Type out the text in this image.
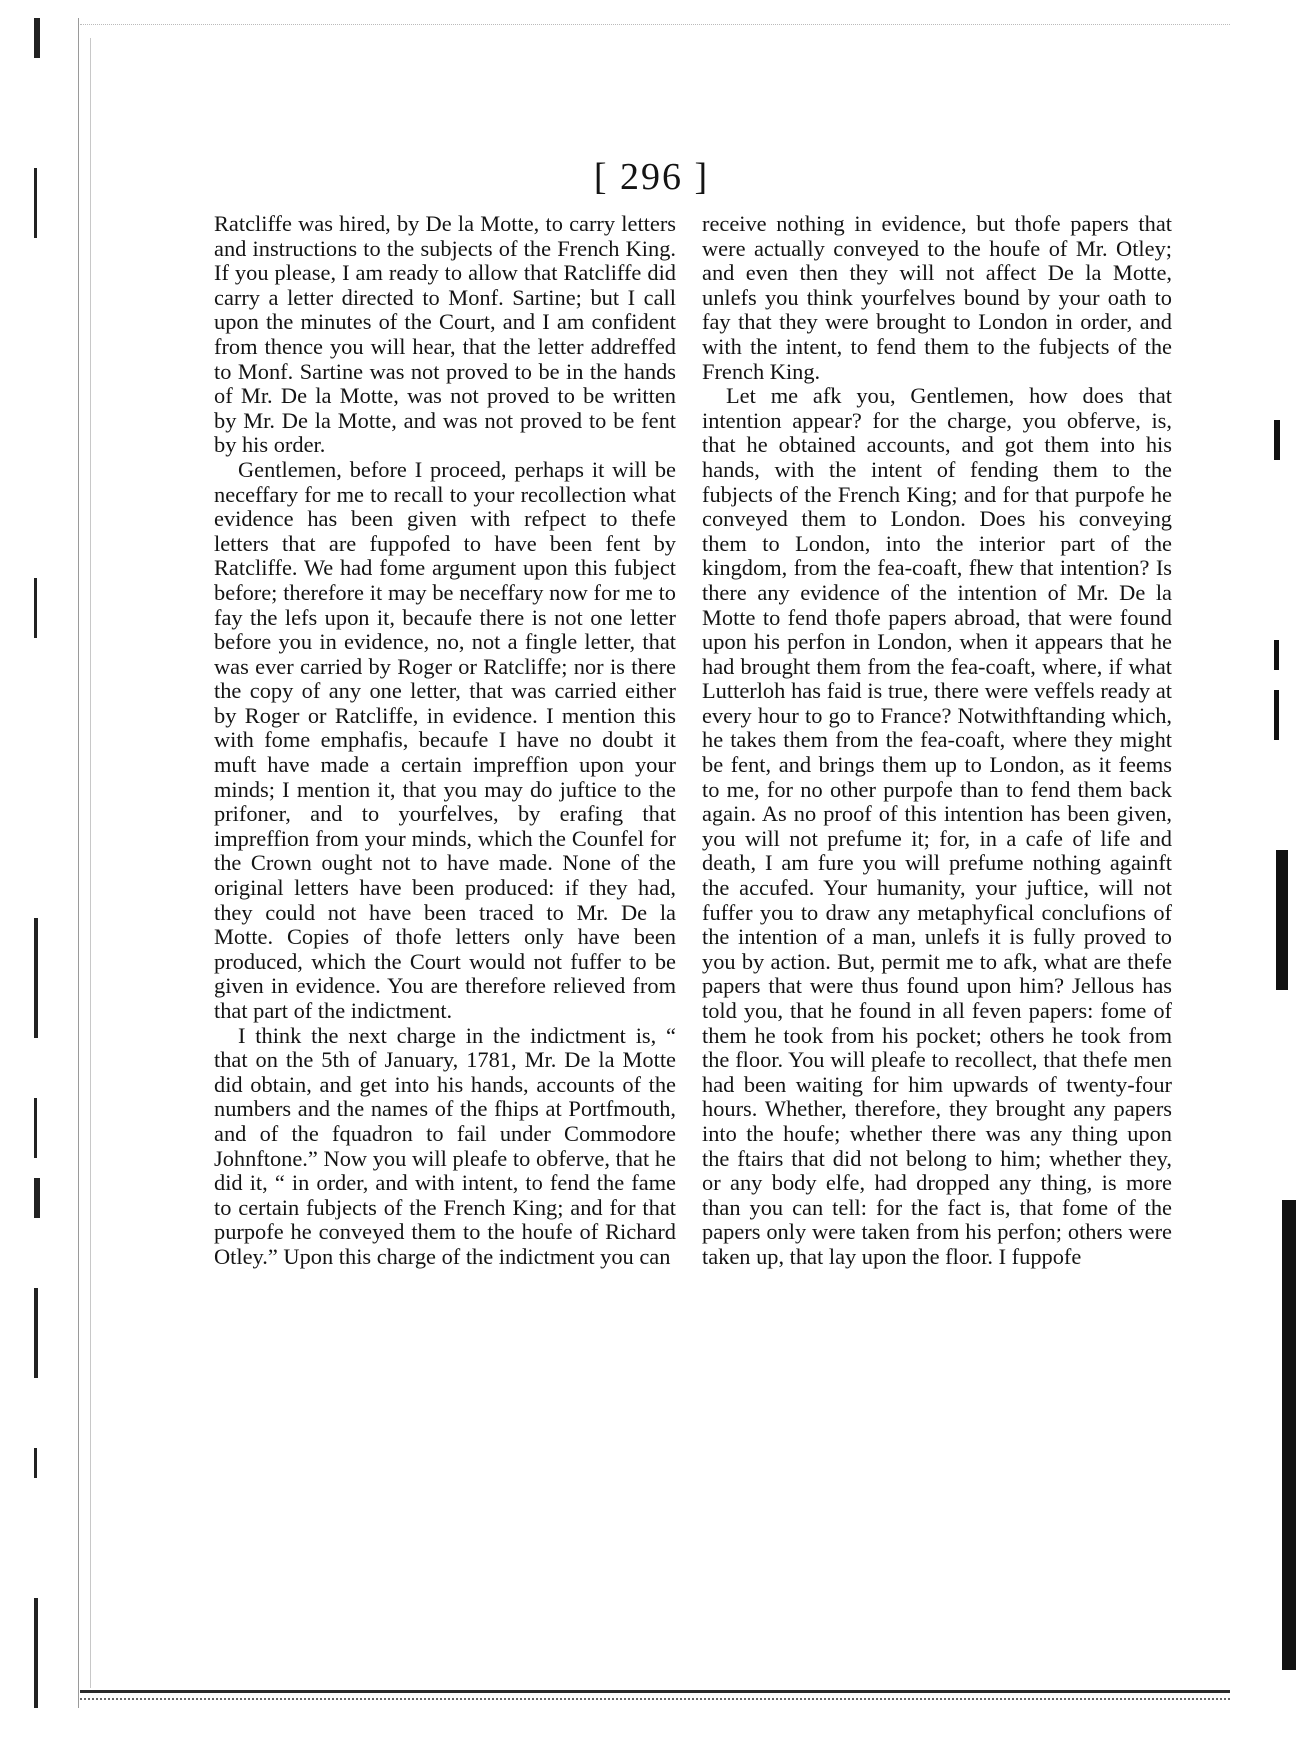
[ 296 ]

Ratcliffe was hired, by De la Motte, to carry letters and instructions to the subjects of the French King. If you please, I am ready to allow that Ratcliffe did carry a letter directed to Monf. Sartine; but I call upon the minutes of the Court, and I am confident from thence you will hear, that the letter addreffed to Monf. Sartine was not proved to be in the hands of Mr. De la Motte, was not proved to be written by Mr. De la Motte, and was not proved to be fent by his order.

Gentlemen, before I proceed, perhaps it will be neceffary for me to recall to your recollection what evidence has been given with refpect to thefe letters that are fuppofed to have been fent by Ratcliffe. We had fome argument upon this fubject before; therefore it may be neceffary now for me to fay the lefs upon it, becaufe there is not one letter before you in evidence, no, not a fingle letter, that was ever carried by Roger or Ratcliffe; nor is there the copy of any one letter, that was carried either by Roger or Ratcliffe, in evidence. I mention this with fome emphafis, becaufe I have no doubt it muft have made a certain impreffion upon your minds; I mention it, that you may do juftice to the prifoner, and to yourfelves, by erafing that impreffion from your minds, which the Counfel for the Crown ought not to have made. None of the original letters have been produced: if they had, they could not have been traced to Mr. De la Motte. Copies of thofe letters only have been produced, which the Court would not fuffer to be given in evidence. You are therefore relieved from that part of the indictment.

I think the next charge in the indictment is, “ that on the 5th of January, 1781, Mr. De la Motte did obtain, and get into his hands, accounts of the numbers and the names of the fhips at Portfmouth, and of the fquadron to fail under Commodore Johnftone.” Now you will pleafe to obferve, that he did it, “ in order, and with intent, to fend the fame to certain fubjects of the French King; and for that purpofe he conveyed them to the houfe of Richard Otley.” Upon this charge of the indictment you can

receive nothing in evidence, but thofe papers that were actually conveyed to the houfe of Mr. Otley; and even then they will not affect De la Motte, unlefs you think yourfelves bound by your oath to fay that they were brought to London in order, and with the intent, to fend them to the fubjects of the French King.

Let me afk you, Gentlemen, how does that intention appear? for the charge, you obferve, is, that he obtained accounts, and got them into his hands, with the intent of fending them to the fubjects of the French King; and for that purpofe he conveyed them to London. Does his conveying them to London, into the interior part of the kingdom, from the fea-coaft, fhew that intention? Is there any evidence of the intention of Mr. De la Motte to fend thofe papers abroad, that were found upon his perfon in London, when it appears that he had brought them from the fea-coaft, where, if what Lutterloh has faid is true, there were veffels ready at every hour to go to France? Notwithftanding which, he takes them from the fea-coaft, where they might be fent, and brings them up to London, as it feems to me, for no other purpofe than to fend them back again. As no proof of this intention has been given, you will not prefume it; for, in a cafe of life and death, I am fure you will prefume nothing againft the accufed. Your humanity, your juftice, will not fuffer you to draw any metaphyfical conclufions of the intention of a man, unlefs it is fully proved to you by action. But, permit me to afk, what are thefe papers that were thus found upon him? Jellous has told you, that he found in all feven papers: fome of them he took from his pocket; others he took from the floor. You will pleafe to recollect, that thefe men had been waiting for him upwards of twenty-four hours. Whether, therefore, they brought any papers into the houfe; whether there was any thing upon the ftairs that did not belong to him; whether they, or any body elfe, had dropped any thing, is more than you can tell: for the fact is, that fome of the papers only were taken from his perfon; others were taken up, that lay upon the floor. I fuppofe
